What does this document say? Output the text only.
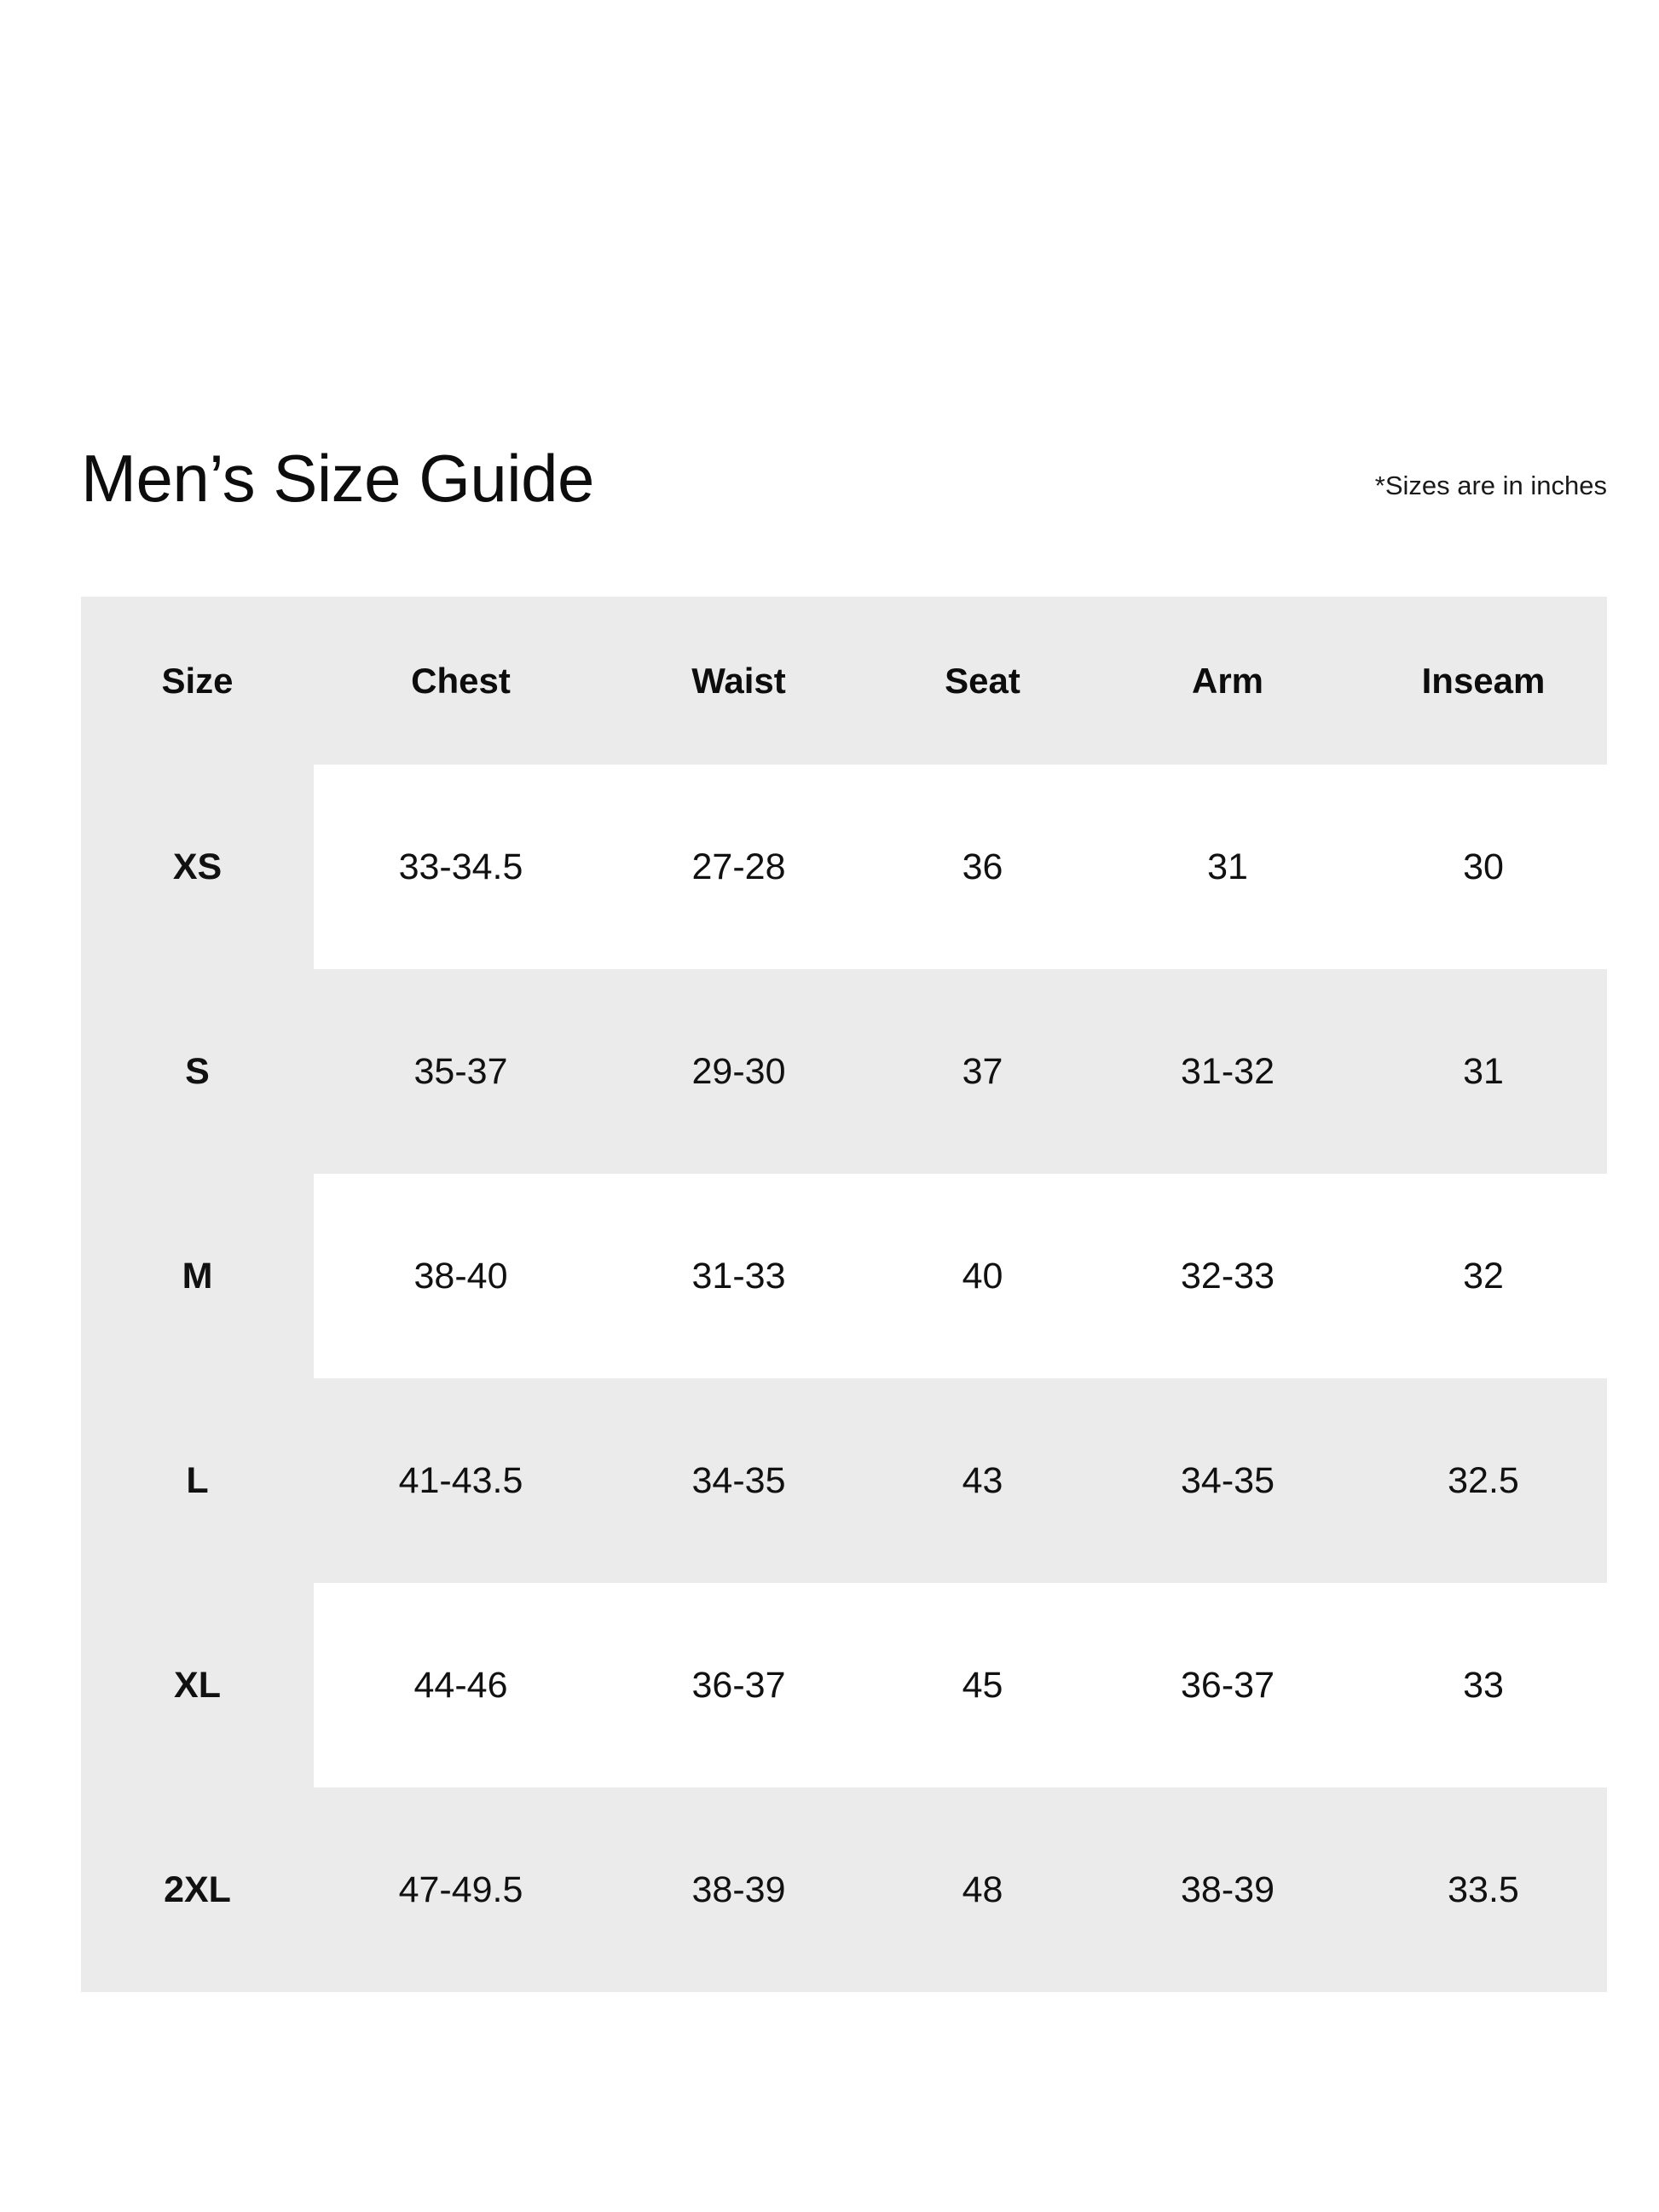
Men’s Size Guide	*Sizes are in inches
Size	Chest	Waist	Seat	Arm	Inseam
XS	33-34.5	27-28	36	31	30
S	35-37	29-30	37	31-32	31
M	38-40	31-33	40	32-33	32
L	41-43.5	34-35	43	34-35	32.5
XL	44-46	36-37	45	36-37	33
2XL	47-49.5	38-39	48	38-39	33.5
